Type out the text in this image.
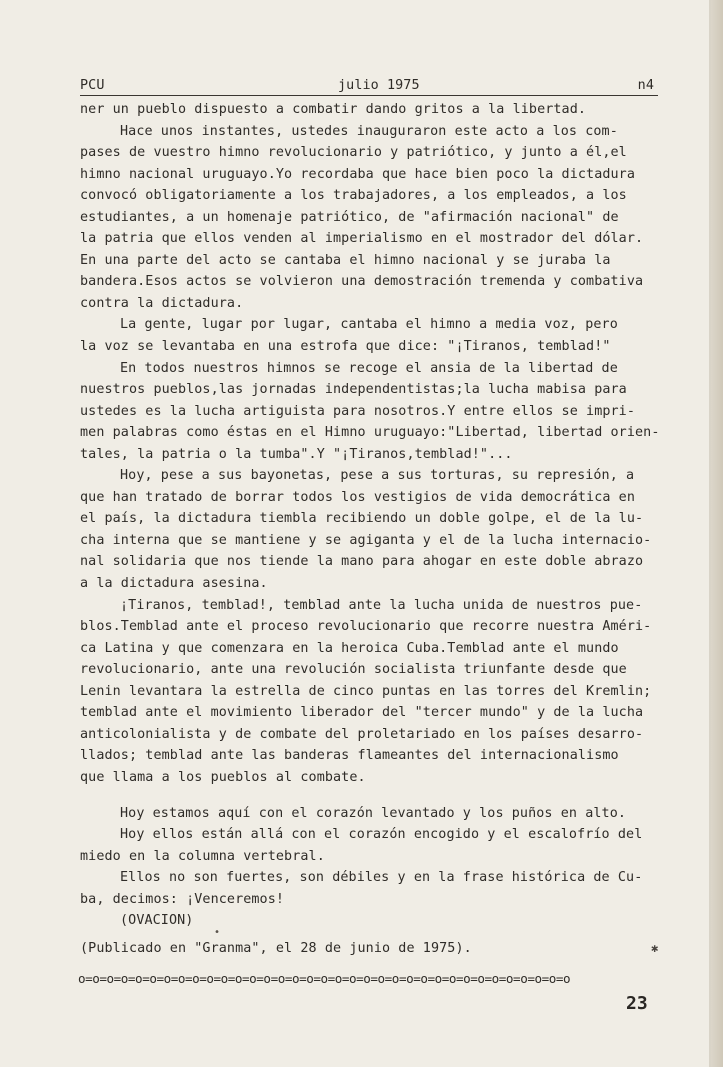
PCU	julio 1975	n4
ner un pueblo dispuesto a combatir dando gritos a la libertad.
Hace unos instantes, ustedes inauguraron este acto a los com-
pases de vuestro himno revolucionario y patriótico, y junto a él,el
himno nacional uruguayo.Yo recordaba que hace bien poco la dictadura
convocó obligatoriamente a los trabajadores, a los empleados, a los
estudiantes, a un homenaje patriótico, de "afirmación nacional" de
la patria que ellos venden al imperialismo en el mostrador del dólar.
En una parte del acto se cantaba el himno nacional y se juraba la
bandera.Esos actos se volvieron una demostración tremenda y combativa
contra la dictadura.
La gente, lugar por lugar, cantaba el himno a media voz, pero
la voz se levantaba en una estrofa que dice: "¡Tiranos, temblad!"
En todos nuestros himnos se recoge el ansia de la libertad de
nuestros pueblos,las jornadas independentistas;la lucha mabisa para
ustedes es la lucha artiguista para nosotros.Y entre ellos se impri-
men palabras como éstas en el Himno uruguayo:"Libertad, libertad orien-
tales, la patria o la tumba".Y "¡Tiranos,temblad!"...
Hoy, pese a sus bayonetas, pese a sus torturas, su represión, a
que han tratado de borrar todos los vestigios de vida democrática en
el país, la dictadura tiembla recibiendo un doble golpe, el de la lu-
cha interna que se mantiene y se agiganta y el de la lucha internacio-
nal solidaria que nos tiende la mano para ahogar en este doble abrazo
a la dictadura asesina.
¡Tiranos, temblad!, temblad ante la lucha unida de nuestros pue-
blos.Temblad ante el proceso revolucionario que recorre nuestra Améri-
ca Latina y que comenzara en la heroica Cuba.Temblad ante el mundo
revolucionario, ante una revolución socialista triunfante desde que
Lenin levantara la estrella de cinco puntas en las torres del Kremlin;
temblad ante el movimiento liberador del "tercer mundo" y de la lucha
anticolonialista y de combate del proletariado en los países desarro-
llados; temblad ante las banderas flameantes del internacionalismo
que llama a los pueblos al combate.
Hoy estamos aquí con el corazón levantado y los puños en alto.
Hoy ellos están allá con el corazón encogido y el escalofrío del
miedo en la columna vertebral.
Ellos no son fuertes, son débiles y en la frase histórica de Cu-
ba, decimos: ¡Venceremos!
(OVACION)
•
(Publicado en "Granma", el 28 de junio de 1975).	✱
o=o=o=o=o=o=o=o=o=o=o=o=o=o=o=o=o=o=o=o=o=o=o=o=o=o=o=o=o=o=o=o=o=o=o
23
